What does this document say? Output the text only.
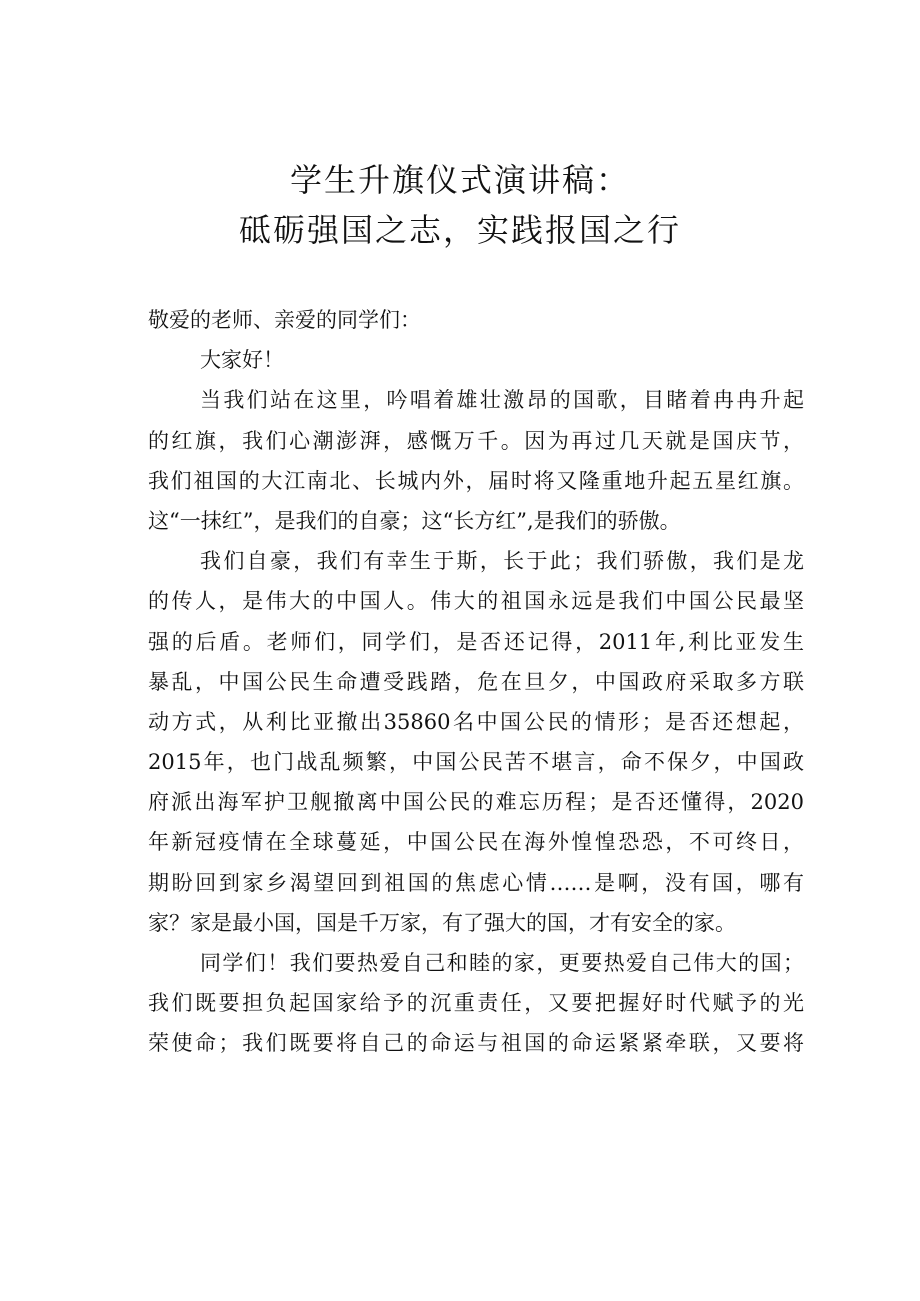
学生升旗仪式演讲稿：
砥砺强国之志，实践报国之行
敬爱的老师、亲爱的同学们：
大家好！
当我们站在这里，吟唱着雄壮激昂的国歌，目睹着冉冉升起
的红旗，我们心潮澎湃，感慨万千。因为再过几天就是国庆节，
我们祖国的大江南北、长城内外，届时将又隆重地升起五星红旗。
这“一抹红”，是我们的自豪；这“长方红”,是我们的骄傲。
我们自豪，我们有幸生于斯，长于此；我们骄傲，我们是龙
的传人，是伟大的中国人。伟大的祖国永远是我们中国公民最坚
强的后盾。老师们，同学们，是否还记得，2011年,利比亚发生
暴乱，中国公民生命遭受践踏，危在旦夕，中国政府采取多方联
动方式，从利比亚撤出35860名中国公民的情形；是否还想起，
2015年，也门战乱频繁，中国公民苦不堪言，命不保夕，中国政
府派出海军护卫舰撤离中国公民的难忘历程；是否还懂得，2020
年新冠疫情在全球蔓延，中国公民在海外惶惶恐恐，不可终日，
期盼回到家乡渴望回到祖国的焦虑心情……是啊，没有国，哪有
家？家是最小国，国是千万家，有了强大的国，才有安全的家。
同学们！我们要热爱自己和睦的家，更要热爱自己伟大的国；
我们既要担负起国家给予的沉重责任，又要把握好时代赋予的光
荣使命；我们既要将自己的命运与祖国的命运紧紧牵联，又要将
